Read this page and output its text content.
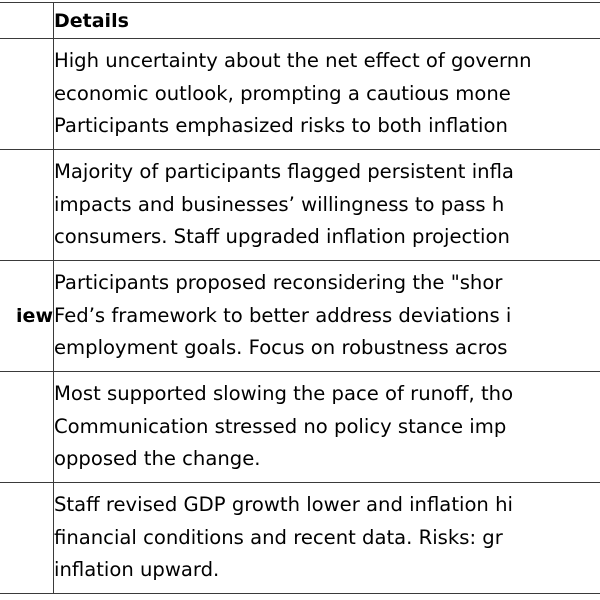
	Details

	High uncertainty about the net effect of governn
economic outlook, prompting a cautious mone
Participants emphasized risks to both inflation

	Majority of participants flagged persistent infla
impacts and businesses’ willingness to pass h
consumers. Staff upgraded inflation projection

iew	Participants proposed reconsidering the "shor
Fed’s framework to better address deviations i
employment goals. Focus on robustness acros

	Most supported slowing the pace of runoff, tho
Communication stressed no policy stance imp
opposed the change.

	Staff revised GDP growth lower and inflation hi
financial conditions and recent data. Risks: gr
inflation upward.
